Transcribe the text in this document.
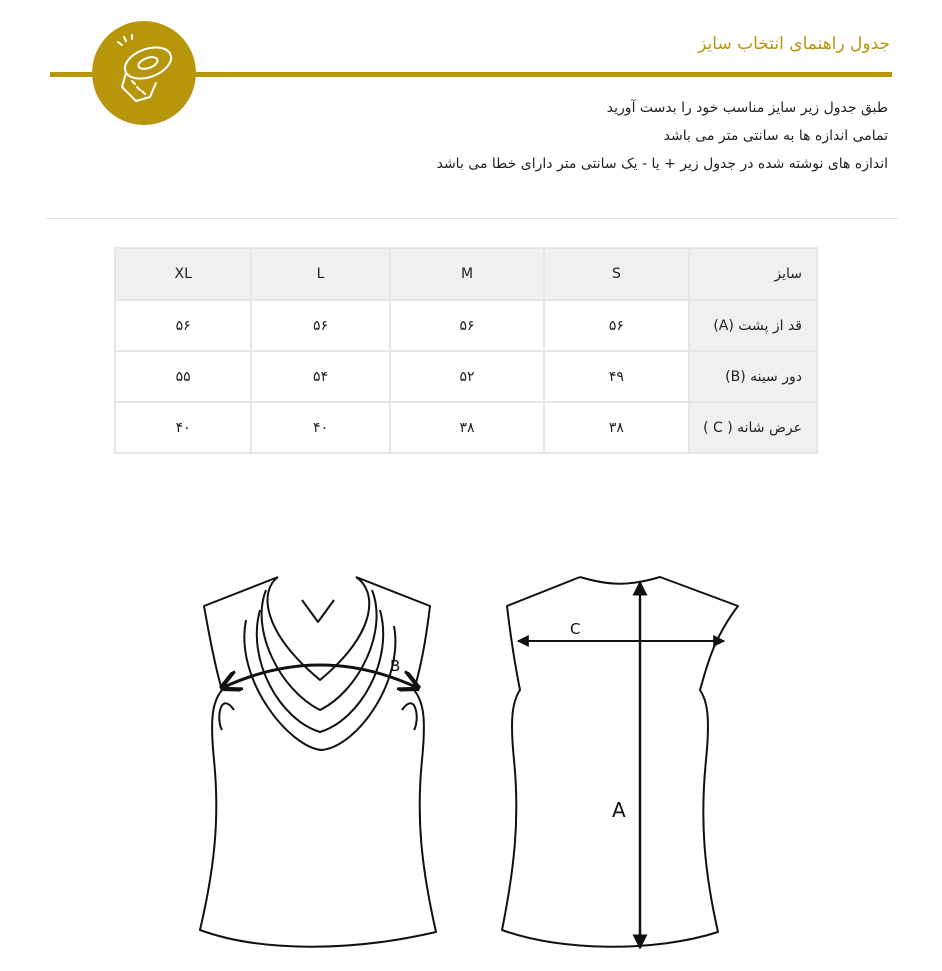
جدول راهنمای انتخاب سایز
طبق جدول زیر سایز مناسب خود را بدست آورید
تمامی اندازه ها به سانتی متر می باشد
اندازه های نوشته شده در جدول زیر + یا - یک سانتی متر دارای خطا می باشد
XL	L	M	S	سایز
۵۶	۵۶	۵۶	۵۶	قد از پشت (A)
۵۵	۵۴	۵۲	۴۹	دور سینه (B)
۴۰	۴۰	۳۸	۳۸	عرض شانه ( C )
B
C
A
